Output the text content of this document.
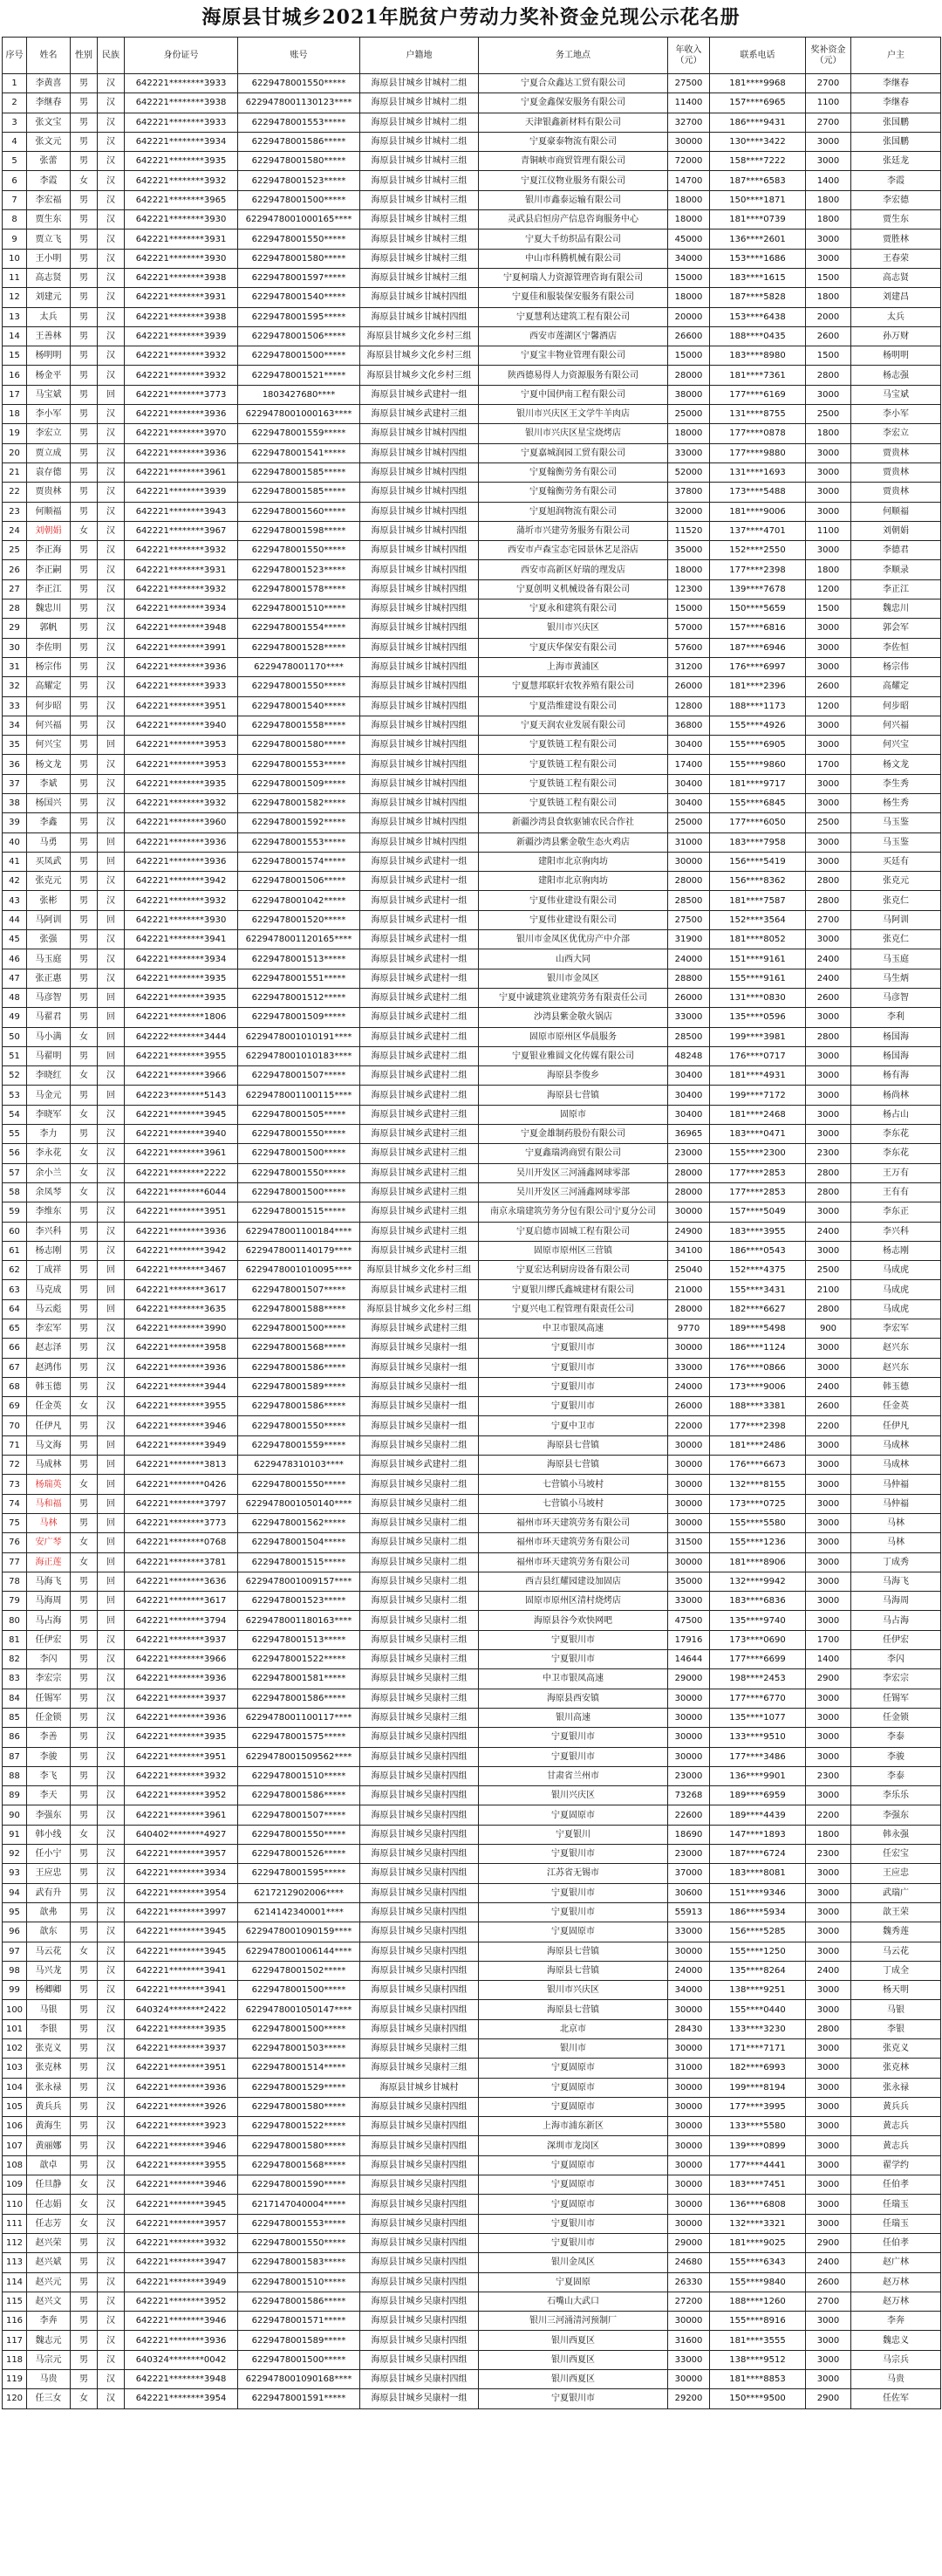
海原县甘城乡2021年脱贫户劳动力奖补资金兑现公示花名册
序号	姓名	性别	民族	身份证号	账号	户籍地	务工地点	年收入（元）	联系电话	奖补资金（元）	户主
1	李黄喜	男	汉	642221********3933	6229478001550*****	海原县甘城乡甘城村二组	宁夏合众鑫达工贸有限公司	27500	181****9968	2700	李继春
2	李继春	男	汉	642221********3938	6229478001130123****	海原县甘城乡甘城村二组	宁夏金鑫保安服务有限公司	11400	157****6965	1100	李继春
3	张文宝	男	汉	642221********3933	6229478001553*****	海原县甘城乡甘城村二组	天津银鑫新材料有限公司	32700	186****9431	2700	张国鹏
4	张文元	男	汉	642221********3934	6229478001586*****	海原县甘城乡甘城村二组	宁夏豪泰物流有限公司	30000	130****3422	3000	张国鹏
5	张蕾	男	汉	642221********3935	6229478001580*****	海原县甘城乡甘城村三组	青铜峡市商贸管理有限公司	72000	158****7222	3000	张廷龙
6	李霞	女	汉	642221********3932	6229478001523*****	海原县甘城乡甘城村三组	宁夏江仪物业服务有限公司	14700	187****6583	1400	李霞
7	李宏福	男	汉	642221********3965	6229478001500*****	海原县甘城乡甘城村三组	银川市鑫泰运输有限公司	18000	150****1871	1800	李宏德
8	贾生东	男	汉	642221********3930	6229478001000165****	海原县甘城乡甘城村三组	灵武县启恒房产信息咨询服务中心	18000	181****0739	1800	贾生东
9	贾立飞	男	汉	642221********3931	6229478001550*****	海原县甘城乡甘城村三组	宁夏大千纺织品有限公司	45000	136****2601	3000	贾胜林
10	王小明	男	汉	642221********3930	6229478001580*****	海原县甘城乡甘城村三组	中山市科腾机械有限公司	34000	153****1686	3000	王春荣
11	高志贤	男	汉	642221********3938	6229478001597*****	海原县甘城乡甘城村三组	宁夏柯瑞人力资源管理咨询有限公司	15000	183****1615	1500	高志贤
12	刘建元	男	汉	642221********3931	6229478001540*****	海原县甘城乡甘城村四组	宁夏佳和服装保安服务有限公司	18000	187****5828	1800	刘建昌
13	太兵	男	汉	642221********3938	6229478001595*****	海原县甘城乡甘城村四组	宁夏慧利达建筑工程有限公司	20000	153****6438	2000	太兵
14	王善林	男	汉	642221********3939	6229478001506*****	海原县甘城乡文化乡村三组	西安市莲湖区宁馨酒店	26600	188****0435	2600	孙万财
15	杨明明	男	汉	642221********3932	6229478001500*****	海原县甘城乡文化乡村三组	宁夏宝丰物业管理有限公司	15000	183****8980	1500	杨明明
16	杨金平	男	汉	642221********3932	6229478001521*****	海原县甘城乡文化乡村三组	陕西德易得人力资源服务有限公司	28000	181****7361	2800	杨志强
17	马宝斌	男	回	642221********3773	1803427680****	海原县甘城乡武建村一组	宁夏中国伊南工程有限公司	38000	177****6169	3000	马宝斌
18	李小军	男	汉	642221********3936	6229478001000163****	海原县甘城乡武建村三组	银川市兴庆区王文学牛羊肉店	25000	131****8755	2500	李小军
19	李宏立	男	汉	642221********3970	6229478001559*****	海原县甘城乡甘城村四组	银川市兴庆区星宝烧烤店	18000	177****0878	1800	李宏立
20	贾立成	男	汉	642221********3936	6229478001541*****	海原县甘城乡甘城村四组	宁夏嘉城润园工贸有限公司	33000	177****9880	3000	贾贵林
21	袁存德	男	汉	642221********3961	6229478001585*****	海原县甘城乡甘城村四组	宁夏翰衡劳务有限公司	52000	131****1693	3000	贾贵林
22	贾贵林	男	汉	642221********3939	6229478001585*****	海原县甘城乡甘城村四组	宁夏翰衡劳务有限公司	37800	173****5488	3000	贾贵林
23	何顺福	男	汉	642221********3943	6229478001560*****	海原县甘城乡甘城村四组	宁夏旭润物流有限公司	32000	181****9006	3000	何顺福
24	刘朝娟	女	汉	642221********3967	6229478001598*****	海原县甘城乡甘城村四组	蒲圻市兴建劳务服务有限公司	11520	137****4701	1100	刘朝娟
25	李正海	男	汉	642221********3932	6229478001550*****	海原县甘城乡甘城村四组	西安市卢森宝态宅园景休艺足浴店	35000	152****2550	3000	李德君
26	李正嗣	男	汉	642221********3931	6229478001523*****	海原县甘城乡甘城村四组	西安市高新区好瑞的理发店	18000	177****2398	1800	李顺录
27	李正江	男	汉	642221********3932	6229478001578*****	海原县甘城乡甘城村四组	宁夏创明义机械设备有限公司	12300	139****7678	1200	李正江
28	魏忠川	男	汉	642221********3934	6229478001510*****	海原县甘城乡甘城村四组	宁夏永和建筑有限公司	15000	150****5659	1500	魏忠川
29	郭帆	男	汉	642221********3948	6229478001554*****	海原县甘城乡甘城村四组	银川市兴庆区	57000	157****6816	3000	郭会军
30	李佐明	男	汉	642221********3991	6229478001528*****	海原县甘城乡甘城村四组	宁夏庆华保安有限公司	57600	187****6946	3000	李佐恒
31	杨宗伟	男	汉	642221********3936	6229478001170****	海原县甘城乡甘城村四组	上海市黄浦区	31200	176****6997	3000	杨宗伟
32	高耀定	男	汉	642221********3933	6229478001550*****	海原县甘城乡甘城村四组	宁夏慧邦联轩农牧养殖有限公司	26000	181****2396	2600	高耀定
33	何步昭	男	汉	642221********3951	6229478001540*****	海原县甘城乡甘城村四组	宁夏浩维建设有限公司	12800	188****1173	1200	何步昭
34	何兴福	男	汉	642221********3940	6229478001558*****	海原县甘城乡甘城村四组	宁夏天润农业发展有限公司	36800	155****4926	3000	何兴福
35	何兴宝	男	回	642221********3953	6229478001580*****	海原县甘城乡甘城村四组	宁夏铁链工程有限公司	30400	155****6905	3000	何兴宝
36	杨文龙	男	汉	642221********3953	6229478001553*****	海原县甘城乡甘城村四组	宁夏铁链工程有限公司	17400	155****9860	1700	杨文龙
37	李斌	男	汉	642221********3935	6229478001509*****	海原县甘城乡甘城村四组	宁夏铁链工程有限公司	30400	181****9717	3000	李生秀
38	杨国兴	男	汉	642221********3932	6229478001582*****	海原县甘城乡甘城村四组	宁夏铁链工程有限公司	30400	155****6845	3000	杨生秀
39	李鑫	男	汉	642221********3960	6229478001592*****	海原县甘城乡甘城村四组	新疆沙湾县食软驱铺农民合作社	25000	177****6050	2500	马玉鉴
40	马勇	男	回	642221********3936	6229478001553*****	海原县甘城乡甘城村四组	新疆沙湾县紫金敬生态火鸡店	31000	183****7958	3000	马玉鉴
41	买凤武	男	回	642221********3936	6229478001574*****	海原县甘城乡武建村一组	建阳市北京驹肉坊	30000	156****5419	3000	买廷有
42	张克元	男	汉	642221********3942	6229478001506*****	海原县甘城乡武建村一组	建阳市北京驹肉坊	28000	156****8362	2800	张克元
43	张彬	男	汉	642221********3932	6229478001042*****	海原县甘城乡武建村一组	宁夏伟业建设有限公司	28500	181****7587	2800	张克仁
44	马阿训	男	回	642221********3930	6229478001520*****	海原县甘城乡武建村一组	宁夏伟业建设有限公司	27500	152****3564	2700	马阿训
45	张强	男	汉	642221********3941	6229478001120165****	海原县甘城乡武建村一组	银川市金凤区优优房产中介部	31900	181****8052	3000	张克仁
46	马玉庭	男	汉	642221********3934	6229478001513*****	海原县甘城乡武建村一组	山西大同	24000	151****9161	2400	马玉庭
47	张正惠	男	汉	642221********3935	6229478001551*****	海原县甘城乡武建村一组	银川市金凤区	28800	155****9161	2400	马生炳
48	马彦智	男	回	642221********3935	6229478001512*****	海原县甘城乡武建村二组	宁夏中诚建筑业建筑劳务有限责任公司	26000	131****0830	2600	马彦智
49	马翟君	男	回	642221********1806	6229478001509*****	海原县甘城乡武建村二组	沙湾县紫金敬火锅店	33000	135****0596	3000	李利
50	马小满	女	回	642222********3444	6229478001010191****	海原县甘城乡武建村二组	固原市原州区华晨服务	28500	199****3981	2800	杨国海
51	马翟明	男	回	642221********3955	6229478001010183****	海原县甘城乡武建村二组	宁夏银业雅圆文化传媒有限公司	48248	176****0717	3000	杨国海
52	李晓红	女	汉	642221********3966	6229478001507*****	海原县甘城乡武建村二组	海原县李俊乡	30400	181****4931	3000	杨有海
53	马金元	男	回	642223********5143	6229478001100115****	海原县甘城乡武建村二组	海原县七营镇	30400	199****7172	3000	杨尚林
54	李晓军	女	汉	642221********3945	6229478001505*****	海原县甘城乡武建村三组	固原市	30400	181****2468	3000	杨占山
55	李力	男	汉	642221********3940	6229478001550*****	海原县甘城乡武建村三组	宁夏金雄制药股份有限公司	36965	183****0471	3000	李东花
56	李永花	女	汉	642221********3961	6229478001500*****	海原县甘城乡武建村三组	宁夏鑫瑞鸿商贸有限公司	23000	155****2300	2300	李东花
57	余小兰	女	汉	642221********2222	6229478001550*****	海原县甘城乡武建村三组	吴川开发区三河涌鑫网球零部	28000	177****2853	2800	王万有
58	余凤琴	女	汉	642221********6044	6229478001500*****	海原县甘城乡武建村三组	吴川开发区三河涌鑫网球零部	28000	177****2853	2800	王有有
59	李维东	男	汉	642221********3951	6229478001515*****	海原县甘城乡武建村三组	南京永瑞建筑劳务分包有限公司宁夏分公司	30000	157****5049	3000	李东正
60	李兴科	男	汉	642221********3936	6229478001100184****	海原县甘城乡武建村三组	宁夏启德市固城工程有限公司	24900	183****3955	2400	李兴科
61	杨志刚	男	汉	642221********3942	6229478001140179****	海原县甘城乡武建村三组	固原市原州区三营镇	34100	186****0543	3000	杨志刚
62	丁成祥	男	回	642221********3467	6229478001010095****	海原县甘城乡文化乡村三组	宁夏宏达利厨房设备有限公司	25040	152****4375	2500	马成虎
63	马克成	男	回	642221********3617	6229478001507*****	海原县甘城乡武建村三组	宁夏银川缪氏鑫城建材有限公司	21000	155****3431	2100	马成虎
64	马云彪	男	回	642221********3635	6229478001588*****	海原县甘城乡文化乡村三组	宁夏兴电工程管理有限责任公司	28000	182****6627	2800	马成虎
65	李宏军	男	汉	642221********3990	6229478001500*****	海原县甘城乡武建村三组	中卫市银凤高速	9770	189****5498	900	李宏军
66	赵志泽	男	汉	642221********3958	6229478001568*****	海原县甘城乡吴康村一组	宁夏银川市	30000	186****1124	3000	赵兴东
67	赵鸿伟	男	汉	642221********3936	6229478001586*****	海原县甘城乡吴康村一组	宁夏银川市	33000	176****0866	3000	赵兴东
68	韩玉德	男	汉	642221********3944	6229478001589*****	海原县甘城乡吴康村一组	宁夏银川市	24000	173****9006	2400	韩玉德
69	任金英	女	汉	642221********3955	6229478001586*****	海原县甘城乡吴康村一组	宁夏银川市	26000	188****3381	2600	任金英
70	任伊凡	男	汉	642221********3946	6229478001550*****	海原县甘城乡吴康村一组	宁夏中卫市	22000	177****2398	2200	任伊凡
71	马文海	男	回	642221********3949	6229478001559*****	海原县甘城乡吴康村二组	海原县七营镇	30000	181****2486	3000	马成林
72	马成林	男	回	642221********3813	6229478310103****	海原县甘城乡武建村二组	海原县七营镇	30000	176****6673	3000	马成林
73	杨瑞英	女	回	642221********0426	6229478001550*****	海原县甘城乡吴康村二组	七营镇小马坡村	30000	132****8155	3000	马仲福
74	马和福	男	回	642221********3797	6229478001050140****	海原县甘城乡吴康村二组	七营镇小马坡村	30000	173****0725	3000	马仲福
75	马林	男	回	642221********3773	6229478001562*****	海原县甘城乡吴康村二组	福州市环天建筑劳务有限公司	30000	155****5580	3000	马林
76	安广琴	女	回	642221********0768	6229478001504*****	海原县甘城乡吴康村二组	福州市环天建筑劳务有限公司	31500	155****1236	3000	马林
77	海正莲	女	回	642221********3781	6229478001515*****	海原县甘城乡吴康村二组	福州市环天建筑劳务有限公司	30000	181****8906	3000	丁成秀
78	马海飞	男	回	642221********3636	6229478001009157****	海原县甘城乡吴康村二组	西吉县红耀园建设加固店	35000	132****9942	3000	马海飞
79	马海周	男	回	642221********3617	6229478001523*****	海原县甘城乡吴康村二组	固原市原州区清村烧烤店	33000	183****6836	3000	马海周
80	马占海	男	回	642221********3794	6229478001180163****	海原县甘城乡吴康村二组	海原县谷今欢快网吧	47500	135****9740	3000	马占海
81	任伊宏	男	汉	642221********3937	6229478001513*****	海原县甘城乡吴康村三组	宁夏银川市	17916	173****0690	1700	任伊宏
82	李闪	男	汉	642221********3966	6229478001522*****	海原县甘城乡吴康村三组	宁夏银川市	14644	177****6699	1400	李闪
83	李宏宗	男	汉	642221********3936	6229478001581*****	海原县甘城乡吴康村三组	中卫市银凤高速	29000	198****2453	2900	李宏宗
84	任锡军	男	汉	642221********3937	6229478001586*****	海原县甘城乡吴康村三组	海原县西安镇	30000	177****6770	3000	任锡军
85	任金锁	男	汉	642221********3936	6229478001100117****	海原县甘城乡吴康村三组	银川高速	30000	135****1077	3000	任金锁
86	李善	男	汉	642221********3935	6229478001575*****	海原县甘城乡吴康村四组	宁夏银川市	30000	133****9510	3000	李泰
87	李骏	男	汉	642221********3951	6229478001509562****	海原县甘城乡吴康村四组	宁夏银川市	30000	177****3486	3000	李骏
88	李飞	男	汉	642221********3932	6229478001510*****	海原县甘城乡吴康村四组	甘肃省兰州市	23000	136****9901	2300	李泰
89	李天	男	汉	642221********3952	6229478001586*****	海原县甘城乡吴康村四组	银川兴庆区	73268	189****6959	3000	李乐乐
90	李强东	男	汉	642221********3961	6229478001507*****	海原县甘城乡吴康村四组	宁夏固原市	22600	189****4439	2200	李强东
91	韩小线	女	汉	640402********4927	6229478001550*****	海原县甘城乡吴康村四组	宁夏银川	18690	147****1893	1800	韩永强
92	任小宁	男	汉	642221********3957	6229478001526*****	海原县甘城乡吴康村四组	宁夏银川市	23000	187****6724	2300	任宏宝
93	王应忠	男	汉	642221********3934	6229478001595*****	海原县甘城乡吴康村四组	江苏省无锡市	37000	183****8081	3000	王应忠
94	武有升	男	汉	642221********3954	6217212902006****	海原县甘城乡吴康村四组	宁夏银川市	30600	151****9346	3000	武瑞广
95	歆弗	男	汉	642221********3997	6214142340001****	海原县甘城乡吴康村四组	宁夏银川市	55913	186****5934	3000	歆王荣
96	歆东	男	汉	642221********3945	6229478001090159****	海原县甘城乡吴康村四组	宁夏固原市	33000	156****5285	3000	魏秀莲
97	马云花	女	汉	642221********3945	6229478001006144****	海原县甘城乡吴康村四组	海原县七营镇	30000	155****1250	3000	马云花
98	马兴龙	男	汉	642221********3941	6229478001502*****	海原县甘城乡吴康村四组	海原县七营镇	24000	135****8264	2400	丁成全
99	杨卿卿	男	汉	642221********3941	6229478001500*****	海原县甘城乡吴康村四组	银川市兴庆区	34000	138****9251	3000	杨天明
100	马银	男	汉	640324********2422	6229478001050147****	海原县甘城乡吴康村四组	海原县七营镇	30000	155****0440	3000	马银
101	李银	男	汉	642221********3935	6229478001500*****	海原县甘城乡吴康村四组	北京市	28430	133****3230	2800	李银
102	张克义	男	汉	642221********3937	6229478001503*****	海原县甘城乡吴康村三组	银川市	30000	171****7171	3000	张克义
103	张克林	男	汉	642221********3951	6229478001514*****	海原县甘城乡吴康村三组	宁夏固原市	31000	182****6993	3000	张克林
104	张永禄	男	汉	642221********3936	6229478001529*****	海原县甘城乡甘城村	宁夏固原市	30000	199****8194	3000	张永禄
105	黄兵兵	男	汉	642221********3926	6229478001580*****	海原县甘城乡吴康村四组	宁夏固原市	30000	177****3995	3000	黄兵兵
106	黄海生	男	汉	642221********3923	6229478001522*****	海原县甘城乡吴康村四组	上海市浦东新区	30000	133****5580	3000	黄志兵
107	黄丽娜	男	汉	642221********3946	6229478001580*****	海原县甘城乡吴康村四组	深圳市龙岗区	30000	139****0899	3000	黄志兵
108	歆卓	男	汉	642221********3955	6229478001568*****	海原县甘城乡吴康村四组	宁夏固原市	30000	177****4441	3000	翟学约
109	任旦静	女	汉	642221********3946	6229478001590*****	海原县甘城乡吴康村四组	宁夏固原市	30000	183****7451	3000	任伯孝
110	任志娟	女	汉	642221********3945	6217147040004*****	海原县甘城乡吴康村四组	宁夏固原市	30000	136****6808	3000	任瑞玉
111	任志芳	女	汉	642221********3957	6229478001553*****	海原县甘城乡吴康村四组	宁夏银川市	30000	132****3321	3000	任瑞玉
112	赵兴荣	男	汉	642221********3932	6229478001550*****	海原县甘城乡吴康村四组	宁夏银川市	29000	181****9025	2900	任伯孝
113	赵兴斌	男	汉	642221********3947	6229478001583*****	海原县甘城乡吴康村四组	银川金凤区	24680	155****6343	2400	赵广林
114	赵兴元	男	汉	642221********3949	6229478001510*****	海原县甘城乡吴康村四组	宁夏固原	26330	155****9840	2600	赵万林
115	赵兴文	男	汉	642221********3952	6229478001586*****	海原县甘城乡吴康村四组	石嘴山大武口	27200	188****1260	2700	赵万林
116	李奔	男	汉	642221********3946	6229478001571*****	海原县甘城乡吴康村四组	银川三河涌清河预制厂	30000	155****8916	3000	李奔
117	魏志元	男	汉	642221********3936	6229478001589*****	海原县甘城乡吴康村四组	银川西夏区	31600	181****3555	3000	魏忠义
118	马宗元	男	汉	640324********0042	6229478001500*****	海原县甘城乡吴康村四组	银川西夏区	33000	138****9512	3000	马宗兵
119	马贵	男	汉	642221********3948	6229478001090168****	海原县甘城乡吴康村四组	银川西夏区	30000	181****8853	3000	马贵
120	任三女	女	汉	642221********3954	6229478001591*****	海原县甘城乡吴康村一组	宁夏银川市	29200	150****9500	2900	任佐军
